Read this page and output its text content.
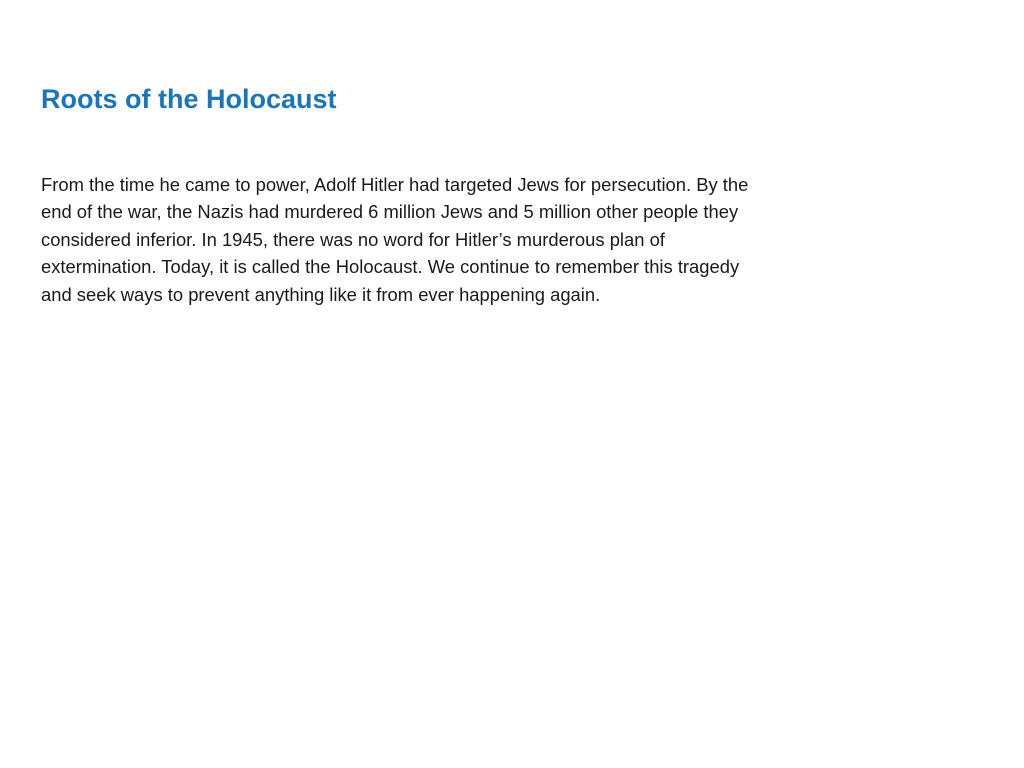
Roots of the Holocaust

From the time he came to power, Adolf Hitler had targeted Jews for persecution. By the
end of the war, the Nazis had murdered 6 million Jews and 5 million other people they
considered inferior. In 1945, there was no word for Hitler’s murderous plan of
extermination. Today, it is called the Holocaust. We continue to remember this tragedy
and seek ways to prevent anything like it from ever happening again.
